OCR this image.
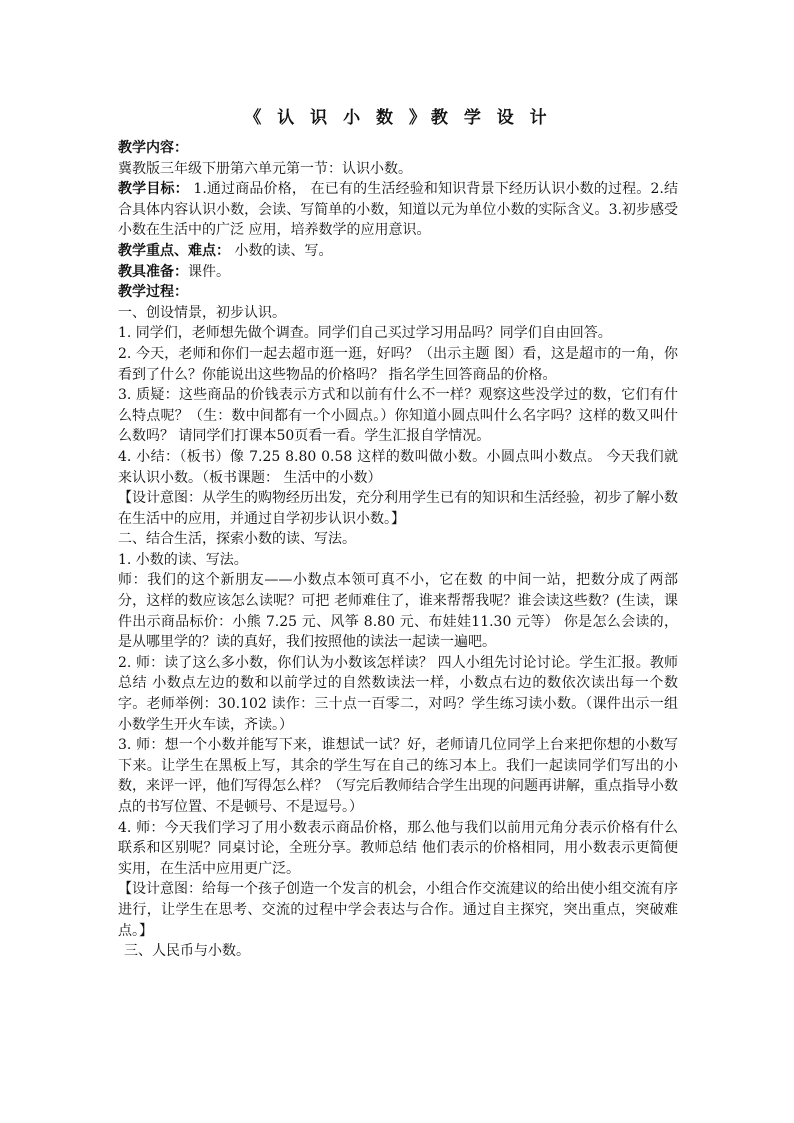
《 认 识 小 数 》教 学 设 计

教学内容：

冀教版三年级下册第六单元第一节：认识小数。

教学目标： 1.通过商品价格， 在已有的生活经验和知识背景下经历认识小数的过程。2.结合具体内容认识小数，会读、写简单的小数，知道以元为单位小数的实际含义。3.初步感受小数在生活中的广泛 应用，培养数学的应用意识。

教学重点、难点： 小数的读、写。

教具准备：课件。

教学过程：

一、创设情景，初步认识。

1. 同学们，老师想先做个调查。同学们自己买过学习用品吗？同学们自由回答。

2. 今天，老师和你们一起去超市逛一逛，好吗？（出示主题 图）看，这是超市的一角，你看到了什么？你能说出这些物品的价格吗？ 指名学生回答商品的价格。

3. 质疑：这些商品的价钱表示方式和以前有什么不一样？观察这些没学过的数，它们有什么特点呢？（生：数中间都有一个小圆点。）你知道小圆点叫什么名字吗？这样的数又叫什么数吗？ 请同学们打课本50页看一看。学生汇报自学情况。

4. 小结：（板书）像 7.25 8.80 0.58 这样的数叫做小数。小圆点叫小数点。 今天我们就来认识小数。（板书课题： 生活中的小数）

【设计意图：从学生的购物经历出发，充分利用学生已有的知识和生活经验，初步了解小数在生活中的应用，并通过自学初步认识小数。】

二、结合生活，探索小数的读、写法。

1. 小数的读、写法。

师：我们的这个新朋友——小数点本领可真不小，它在数 的中间一站，把数分成了两部分，这样的数应该怎么读呢？可把 老师难住了，谁来帮帮我呢？谁会读这些数？(生读，课件出示商品标价：小熊 7.25 元、风筝 8.80 元、布娃娃11.30 元等） 你是怎么会读的，是从哪里学的？读的真好，我们按照他的读法一起读一遍吧。

2. 师：读了这么多小数，你们认为小数该怎样读？ 四人小组先讨论讨论。学生汇报。教师总结 小数点左边的数和以前学过的自然数读法一样，小数点右边的数依次读出每一个数字。老师举例：30.102 读作：三十点一百零二，对吗？学生练习读小数。（课件出示一组小数学生开火车读，齐读。）

3. 师：想一个小数并能写下来，谁想试一试？好，老师请几位同学上台来把你想的小数写下来。让学生在黑板上写，其余的学生写在自己的练习本上。我们一起读同学们写出的小数，来评一评，他们写得怎么样？（写完后教师结合学生出现的问题再讲解，重点指导小数点的书写位置、不是顿号、不是逗号。）

4. 师：今天我们学习了用小数表示商品价格，那么他与我们以前用元角分表示价格有什么联系和区别呢？同桌讨论，全班分享。教师总结 他们表示的价格相同，用小数表示更简便实用，在生活中应用更广泛。

【设计意图：给每一个孩子创造一个发言的机会，小组合作交流建议的给出使小组交流有序进行，让学生在思考、交流的过程中学会表达与合作。通过自主探究，突出重点，突破难点。】

三、人民币与小数。
